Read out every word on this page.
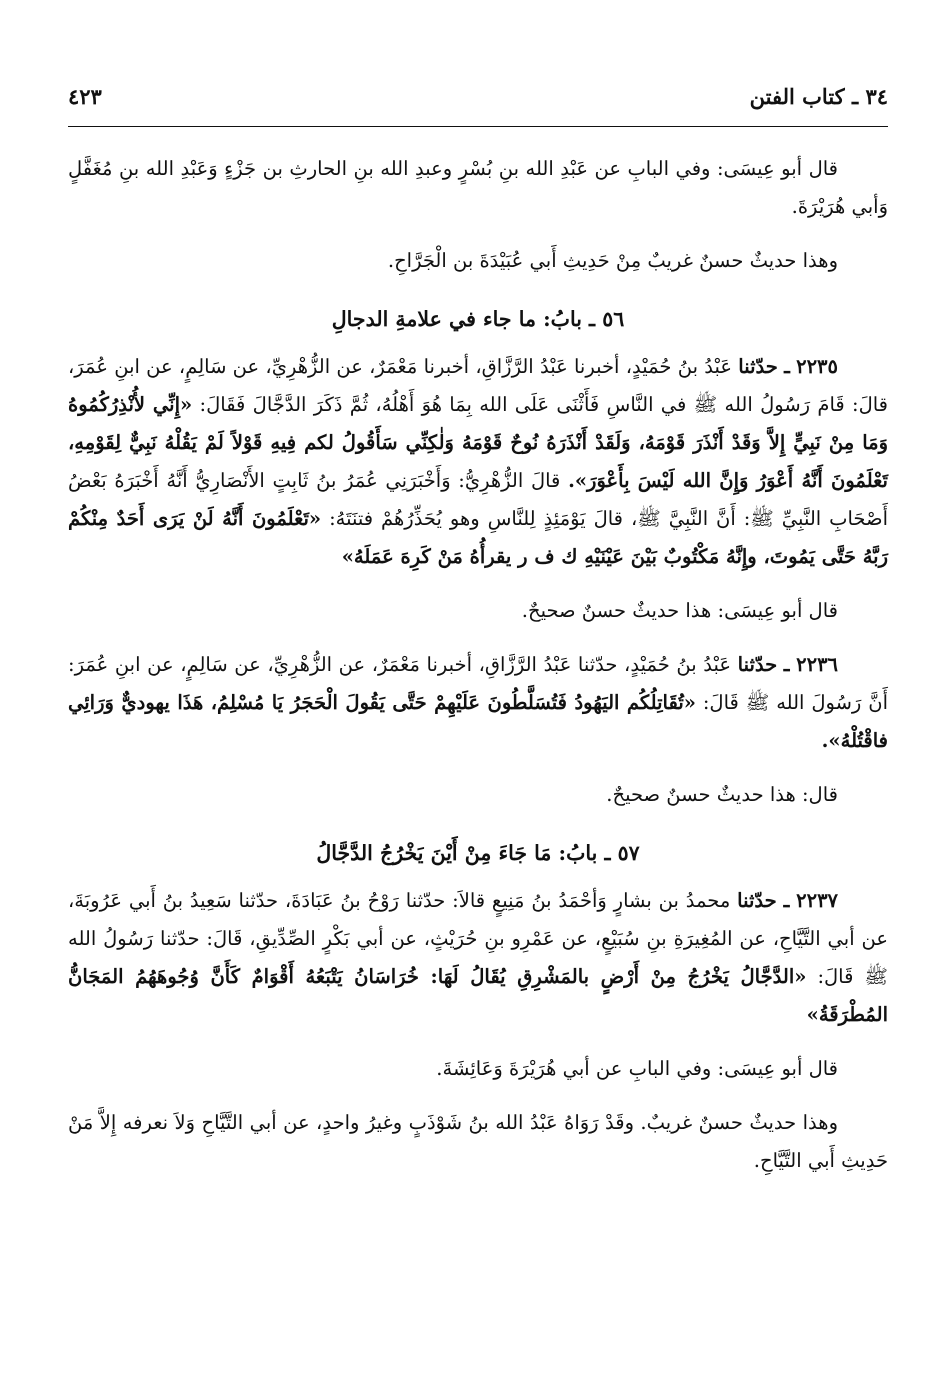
٣٤ ـ كتاب الفتن
٤٢٣

قال أبو عِيسَى: وفي البابِ عن عَبْدِ الله بنِ بُسْرٍ وعبدِ الله بنِ الحارثِ بن جَزْءٍ وَعَبْدِ الله بنِ مُغَفَّلٍ وَأبي هُرَيْرَةَ.

وهذا حديثٌ حسنٌ غريبٌ مِنْ حَدِيثِ أَبي عُبَيْدَةَ بن الْجَرَّاحِ.

٥٦ ـ بابُ: ما جاء في علامةِ الدجالِ

٢٢٣٥ ـ حدّثنا عَبْدُ بنُ حُمَيْدٍ، أخبرنا عَبْدُ الرَّزَّاقِ، أخبرنا مَعْمَرٌ، عن الزُّهْرِيِّ، عن سَالِمٍ، عن ابنِ عُمَرَ، قالَ: قَامَ رَسُولُ الله ﷺ في النَّاسِ فَأَثْنَى عَلَى الله بِمَا هُوَ أَهْلُهُ، ثُمَّ ذَكَرَ الدَّجَّالَ فَقَالَ: «إِنِّي لأُنْذِرُكُمُوهُ وَمَا مِنْ نَبِيٍّ إِلاَّ وَقَدْ أَنْذَرَ قَوْمَهُ، وَلَقَدْ أَنْذَرَهُ نُوحٌ قَوْمَهُ وَلٰكِنِّي سَأَقُولُ لكم فِيهِ قَوْلاً لَمْ يَقُلْهُ نَبِيٌّ لِقَوْمِهِ، تَعْلَمُونَ أَنَّهُ أَعْوَرُ وَإِنَّ الله لَيْسَ بِأَعْوَرَ». قالَ الزُّهْرِيُّ: وَأَخْبَرَنِي عُمَرُ بنُ ثَابِتٍ الأَنْصَارِيُّ أَنَّهُ أَخْبَرَهُ بَعْضُ أَصْحَابِ النَّبِيِّ ﷺ: أَنَّ النَّبِيَّ ﷺ، قالَ يَوْمَئِذٍ لِلنَّاسِ وهو يُحَذِّرُهُمْ فتنَتَهُ: «تَعْلَمُونَ أَنَّهُ لَنْ يَرَى أَحَدٌ مِنْكُمْ رَبَّهُ حَتَّى يَمُوتَ، وإِنَّهُ مَكْتُوبٌ بَيْنَ عَيْنَيْهِ ك ف ر يقرأُهُ مَنْ كَرِهَ عَمَلَهُ»

قال أبو عِيسَى: هذا حديثٌ حسنٌ صحيحٌ.

٢٢٣٦ ـ حدّثنا عَبْدُ بنُ حُمَيْدٍ، حدّثنا عَبْدُ الرَّزَّاقِ، أخبرنا مَعْمَرٌ، عن الزُّهْرِيِّ، عن سَالِمٍ، عن ابنِ عُمَرَ: أَنَّ رَسُولَ الله ﷺ قَالَ: «تُقَاتِلُكُم اليَهُودُ فَتُسَلَّطُونَ عَلَيْهِمْ حَتَّى يَقُولَ الْحَجَرُ يَا مُسْلِمُ، هَذَا يهوديٌّ وَرَائِي فاقْتُلْهُ».

قال: هذا حديثٌ حسنٌ صحيحٌ.

٥٧ ـ بابُ: مَا جَاءَ مِنْ أَيْنَ يَخْرُجُ الدَّجَّالُ

٢٢٣٧ ـ حدّثنا محمدُ بن بشارٍ وَأحْمَدُ بنُ مَنِيعٍ قالاَ: حدّثنا رَوْحُ بنُ عَبَادَةَ، حدّثنا سَعِيدُ بنُ أَبي عَرُوبَةَ، عن أبي التَّيَّاحِ، عن المُغِيرَةِ بنِ سُبَيْعٍ، عن عَمْرِو بنِ حُرَيْثٍ، عن أبي بَكْرٍ الصِّدِّيقِ، قَالَ: حدّثنا رَسُولُ الله ﷺ قَالَ: «الدَّجَّالُ يَخْرُجُ مِنْ أَرْضٍ بالمَشْرِقِ يُقَالُ لَهَا: خُرَاسَانُ يَتْبَعُهُ أَقْوَامٌ كَأَنَّ وُجُوهَهُمُ المَجَانُّ المُطْرَقَةُ»

قال أبو عِيسَى: وفي البابِ عن أبي هُرَيْرَةَ وَعَائِشَةَ.

وهذا حديثٌ حسنٌ غريبٌ. وقَدْ رَوَاهُ عَبْدُ الله بنُ شَوْذَبٍ وغيرُ واحدٍ، عن أبي التَّيَّاحِ وَلاَ نعرفه إِلاَّ مَنْ حَدِيثِ أَبي التَّيَّاحِ.
